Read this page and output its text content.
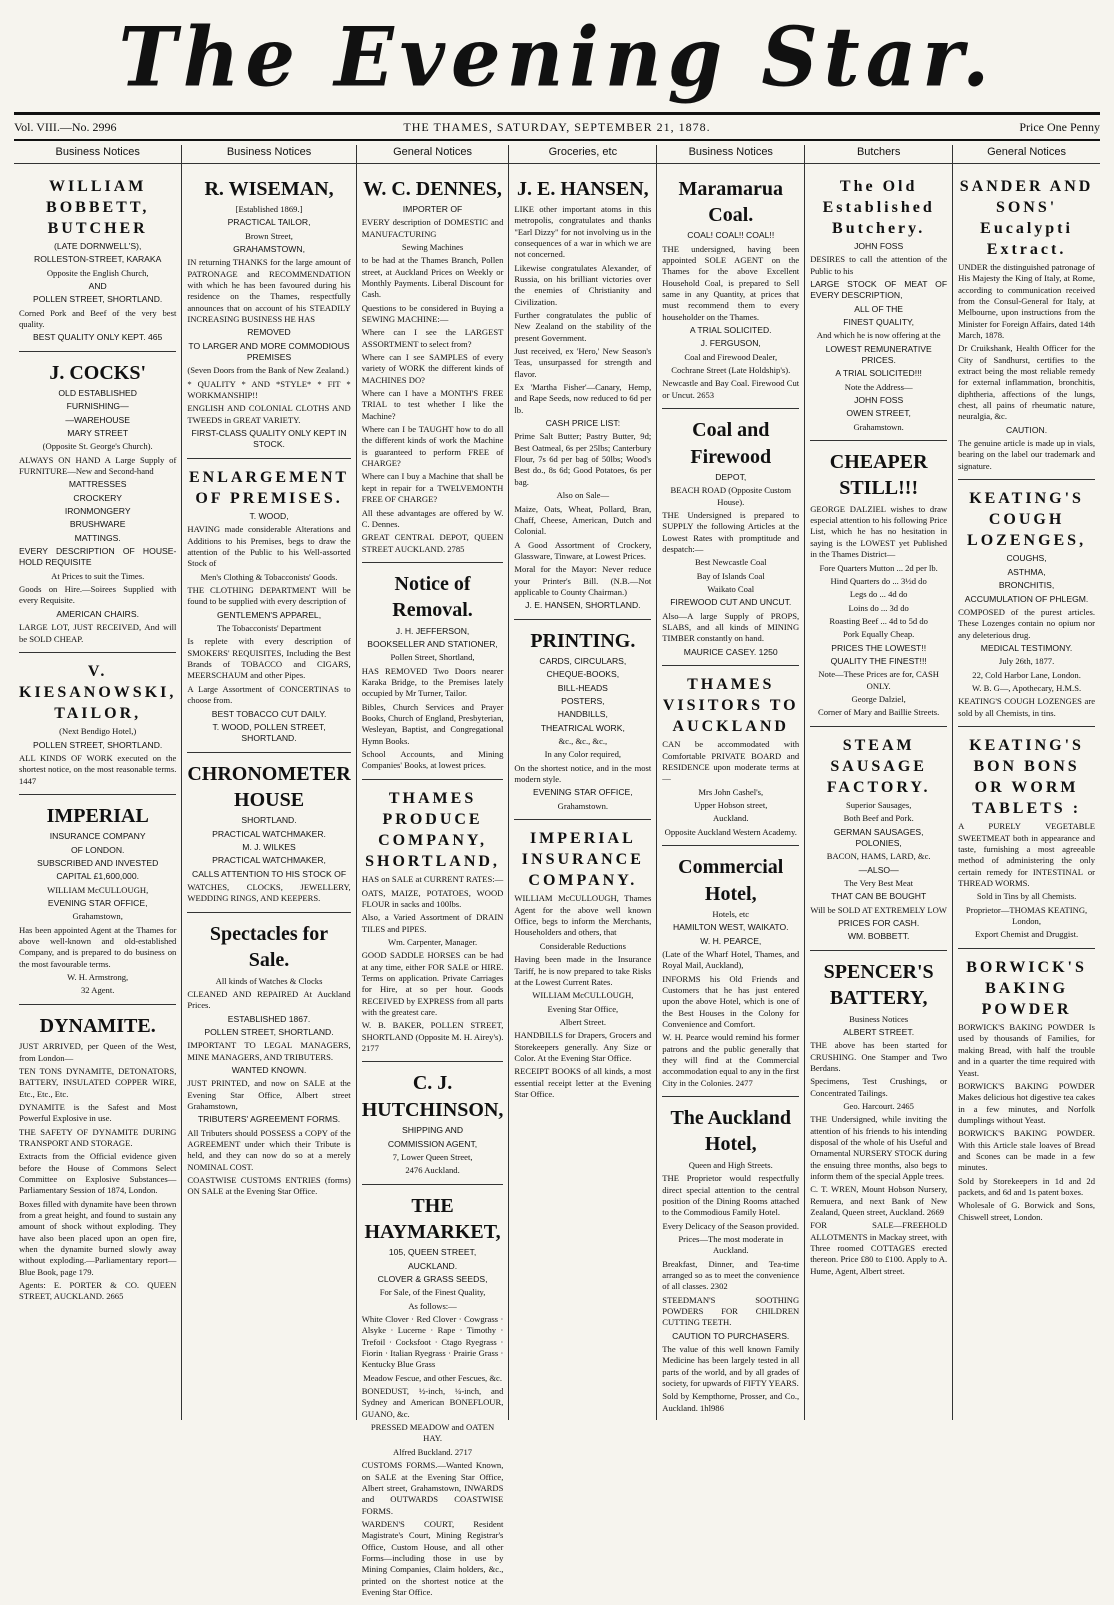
The Evening Star.
Vol. VIII.—No. 2996	THE THAMES, SATURDAY, SEPTEMBER 21, 1878.	Price One Penny
Business Notices
WILLIAM BOBBETT, BUTCHER

(LATE DORNWELL'S),

ROLLESTON-STREET, KARAKA

Opposite the English Church,

AND

POLLEN STREET, SHORTLAND.

Corned Pork and Beef of the very best quality.

BEST QUALITY ONLY KEPT. 465

J. COCKS'

OLD ESTABLISHED

FURNISHING—

—WAREHOUSE

MARY STREET

(Opposite St. George's Church).

ALWAYS ON HAND A Large Supply of FURNITURE—New and Second-hand

MATTRESSES

CROCKERY

IRONMONGERY

BRUSHWARE

MATTINGS.

EVERY DESCRIPTION OF HOUSE-HOLD REQUISITE

At Prices to suit the Times.

Goods on Hire.—Soirees Supplied with every Requisite.

AMERICAN CHAIRS.

LARGE LOT, JUST RECEIVED, And will be SOLD CHEAP.

V. KIESANOWSKI, TAILOR,

(Next Bendigo Hotel,)

POLLEN STREET, SHORTLAND.

ALL KINDS OF WORK executed on the shortest notice, on the most reasonable terms. 1447

IMPERIAL

INSURANCE COMPANY

OF LONDON.

SUBSCRIBED AND INVESTED

CAPITAL £1,600,000.

WILLIAM McCULLOUGH,

EVENING STAR OFFICE,

Grahamstown,

Has been appointed Agent at the Thames for above well-known and old-established Company, and is prepared to do business on the most favourable terms.

W. H. Armstrong,

32 Agent.

DYNAMITE.

JUST ARRIVED, per Queen of the West, from London—

TEN TONS DYNAMITE, DETONATORS, BATTERY, INSULATED COPPER WIRE, Etc., Etc., Etc.

DYNAMITE is the Safest and Most Powerful Explosive in use.

THE SAFETY OF DYNAMITE DURING TRANSPORT AND STORAGE.

Extracts from the Official evidence given before the House of Commons Select Committee on Explosive Substances—Parliamentary Session of 1874, London.

Boxes filled with dynamite have been thrown from a great height, and found to sustain any amount of shock without exploding. They have also been placed upon an open fire, when the dynamite burned slowly away without exploding.—Parliamentary report—Blue Book, page 179.

Agents: E. PORTER & CO. QUEEN STREET, AUCKLAND. 2665

Business Notices
R. WISEMAN,

[Established 1869.]

PRACTICAL TAILOR,

Brown Street,

GRAHAMSTOWN,

IN returning THANKS for the large amount of PATRONAGE and RECOMMENDATION with which he has been favoured during his residence on the Thames, respectfully announces that on account of his STEADILY INCREASING BUSINESS HE HAS

REMOVED

TO LARGER AND MORE COMMODIOUS PREMISES

(Seven Doors from the Bank of New Zealand.)

* QUALITY * AND *STYLE* * FIT * WORKMANSHIP!!

ENGLISH AND COLONIAL CLOTHS AND TWEEDS in GREAT VARIETY.

FIRST-CLASS QUALITY ONLY KEPT IN STOCK.

ENLARGEMENT OF PREMISES.

T. WOOD,

HAVING made considerable Alterations and Additions to his Premises, begs to draw the attention of the Public to his Well-assorted Stock of

Men's Clothing & Tobacconists' Goods.

THE CLOTHING DEPARTMENT Will be found to be supplied with every description of

GENTLEMEN'S APPAREL,

The Tobacconists' Department

Is replete with every description of SMOKERS' REQUISITES, Including the Best Brands of TOBACCO and CIGARS, MEERSCHAUM and other Pipes.

A Large Assortment of CONCERTINAS to choose from.

BEST TOBACCO CUT DAILY.

T. WOOD, POLLEN STREET, SHORTLAND.

CHRONOMETER HOUSE

SHORTLAND.

PRACTICAL WATCHMAKER.

M. J. WILKES

PRACTICAL WATCHMAKER,

CALLS ATTENTION TO HIS STOCK OF

WATCHES, CLOCKS, JEWELLERY, WEDDING RINGS, AND KEEPERS.

Spectacles for Sale.

All kinds of Watches & Clocks

CLEANED AND REPAIRED At Auckland Prices.

ESTABLISHED 1867.

POLLEN STREET, SHORTLAND.

IMPORTANT TO LEGAL MANAGERS, MINE MANAGERS, AND TRIBUTERS.

WANTED KNOWN.

JUST PRINTED, and now on SALE at the Evening Star Office, Albert street Grahamstown,

TRIBUTERS' AGREEMENT FORMS.

All Tributers should POSSESS a COPY of the AGREEMENT under which their Tribute is held, and they can now do so at a merely NOMINAL COST.

COASTWISE CUSTOMS ENTRIES (forms) ON SALE at the Evening Star Office.

General Notices
W. C. DENNES,

IMPORTER OF

EVERY description of DOMESTIC and MANUFACTURING

Sewing Machines

to be had at the Thames Branch, Pollen street, at Auckland Prices on Weekly or Monthly Payments. Liberal Discount for Cash.

Questions to be considered in Buying a SEWING MACHINE:—

Where can I see the LARGEST ASSORTMENT to select from?

Where can I see SAMPLES of every variety of WORK the different kinds of MACHINES DO?

Where can I have a MONTH'S FREE TRIAL to test whether I like the Machine?

Where can I be TAUGHT how to do all the different kinds of work the Machine is guaranteed to perform FREE of CHARGE?

Where can I buy a Machine that shall be kept in repair for a TWELVEMONTH FREE OF CHARGE?

All these advantages are offered by W. C. Dennes.

GREAT CENTRAL DEPOT, QUEEN STREET AUCKLAND. 2785

Notice of Removal.

J. H. JEFFERSON,

BOOKSELLER AND STATIONER,

Pollen Street, Shortland,

HAS REMOVED Two Doors nearer Karaka Bridge, to the Premises lately occupied by Mr Turner, Tailor.

Bibles, Church Services and Prayer Books, Church of England, Presbyterian, Wesleyan, Baptist, and Congregational Hymn Books.

School Accounts, and Mining Companies' Books, at lowest prices.

THAMES PRODUCE COMPANY, SHORTLAND,

HAS on SALE at CURRENT RATES:—

OATS, MAIZE, POTATOES, WOOD FLOUR in sacks and 100lbs.

Also, a Varied Assortment of DRAIN TILES and PIPES.

Wm. Carpenter, Manager.

GOOD SADDLE HORSES can be had at any time, either FOR SALE or HIRE. Terms on application. Private Carriages for Hire, at so per hour. Goods RECEIVED by EXPRESS from all parts with the greatest care.

W. B. BAKER, POLLEN STREET, SHORTLAND (Opposite M. H. Airey's). 2177

C. J. HUTCHINSON,

SHIPPING AND

COMMISSION AGENT,

7, Lower Queen Street,

2476 Auckland.

THE HAYMARKET,

105, QUEEN STREET,

AUCKLAND.

CLOVER & GRASS SEEDS,

For Sale, of the Finest Quality,

As follows:—

White Clover · Red Clover · Cowgrass · Alsyke · Lucerne · Rape · Timothy · Trefoil · Cocksfoot · Ctago Ryegrass · Fiorin · Italian Ryegrass · Prairie Grass · Kentucky Blue Grass

Meadow Fescue, and other Fescues, &c.

BONEDUST, ½-inch, ¼-inch, and Sydney and American BONEFLOUR, GUANO, &c.

PRESSED MEADOW and OATEN HAY.

Alfred Buckland. 2717

CUSTOMS FORMS.—Wanted Known, on SALE at the Evening Star Office, Albert street, Grahamstown, INWARDS and OUTWARDS COASTWISE FORMS.

WARDEN'S COURT, Resident Magistrate's Court, Mining Registrar's Office, Custom House, and all other Forms—including those in use by Mining Companies, Claim holders, &c., printed on the shortest notice at the Evening Star Office.

Groceries, etc
J. E. HANSEN,

LIKE other important atoms in this metropolis, congratulates and thanks "Earl Dizzy" for not involving us in the consequences of a war in which we are not concerned.

Likewise congratulates Alexander, of Russia, on his brilliant victories over the enemies of Christianity and Civilization.

Further congratulates the public of New Zealand on the stability of the present Government.

Just received, ex 'Hero,' New Season's Teas, unsurpassed for strength and flavor.

Ex 'Martha Fisher'—Canary, Hemp, and Rape Seeds, now reduced to 6d per lb.

CASH PRICE LIST:

Prime Salt Butter; Pastry Butter, 9d; Best Oatmeal, 6s per 25lbs; Canterbury Flour, 7s 6d per bag of 50lbs; Wood's Best do., 8s 6d; Good Potatoes, 6s per bag.

Also on Sale—

Maize, Oats, Wheat, Pollard, Bran, Chaff, Cheese, American, Dutch and Colonial.

A Good Assortment of Crockery, Glassware, Tinware, at Lowest Prices.

Moral for the Mayor: Never reduce your Printer's Bill. (N.B.—Not applicable to County Chairman.)

J. E. HANSEN, SHORTLAND.

PRINTING.

CARDS, CIRCULARS,

CHEQUE-BOOKS,

BILL-HEADS

POSTERS,

HANDBILLS,

THEATRICAL WORK,

&c., &c., &c.,

In any Color required,

On the shortest notice, and in the most modern style.

EVENING STAR OFFICE,

Grahamstown.

IMPERIAL INSURANCE COMPANY.

WILLIAM McCULLOUGH, Thames Agent for the above well known Office, begs to inform the Merchants, Householders and others, that

Considerable Reductions

Having been made in the Insurance Tariff, he is now prepared to take Risks at the Lowest Current Rates.

WILLIAM McCULLOUGH,

Evening Star Office,

Albert Street.

HANDBILLS for Drapers, Grocers and Storekeepers generally. Any Size or Color. At the Evening Star Office.

RECEIPT BOOKS of all kinds, a most essential receipt letter at the Evening Star Office.

Business Notices
Maramarua Coal.

COAL! COAL!! COAL!!

THE undersigned, having been appointed SOLE AGENT on the Thames for the above Excellent Household Coal, is prepared to Sell same in any Quantity, at prices that must recommend them to every householder on the Thames.

A TRIAL SOLICITED.

J. FERGUSON,

Coal and Firewood Dealer,

Cochrane Street (Late Holdship's).

Newcastle and Bay Coal. Firewood Cut or Uncut. 2653

Coal and Firewood

DEPOT,

BEACH ROAD (Opposite Custom House).

THE Undersigned is prepared to SUPPLY the following Articles at the Lowest Rates with promptitude and despatch:—

Best Newcastle Coal

Bay of Islands Coal

Waikato Coal

FIREWOOD CUT AND UNCUT.

Also—A large Supply of PROPS, SLABS, and all kinds of MINING TIMBER constantly on hand.

MAURICE CASEY. 1250

THAMES VISITORS TO AUCKLAND

CAN be accommodated with Comfortable PRIVATE BOARD and RESIDENCE upon moderate terms at—

Mrs John Cashel's,

Upper Hobson street,

Auckland.

Opposite Auckland Western Academy.

Commercial Hotel,

Hotels, etc

HAMILTON WEST, WAIKATO.

W. H. PEARCE,

(Late of the Wharf Hotel, Thames, and Royal Mail, Auckland),

INFORMS his Old Friends and Customers that he has just entered upon the above Hotel, which is one of the Best Houses in the Colony for Convenience and Comfort.

W. H. Pearce would remind his former patrons and the public generally that they will find at the Commercial accommodation equal to any in the first City in the Colonies. 2477

The Auckland Hotel,

Queen and High Streets.

THE Proprietor would respectfully direct special attention to the central position of the Dining Rooms attached to the Commodious Family Hotel.

Every Delicacy of the Season provided.

Prices—The most moderate in Auckland.

Breakfast, Dinner, and Tea-time arranged so as to meet the convenience of all classes. 2302

STEEDMAN'S SOOTHING POWDERS FOR CHILDREN CUTTING TEETH.

CAUTION TO PURCHASERS.

The value of this well known Family Medicine has been largely tested in all parts of the world, and by all grades of society, for upwards of FIFTY YEARS.

Sold by Kempthorne, Prosser, and Co., Auckland. 1hl986

Butchers
The Old Established Butchery.

JOHN FOSS

DESIRES to call the attention of the Public to his

LARGE STOCK OF MEAT OF EVERY DESCRIPTION,

ALL OF THE

FINEST QUALITY,

And which he is now offering at the

LOWEST REMUNERATIVE PRICES.

A TRIAL SOLICITED!!!

Note the Address—

JOHN FOSS

OWEN STREET,

Grahamstown.

CHEAPER STILL!!!

GEORGE DALZIEL wishes to draw especial attention to his following Price List, which he has no hesitation in saying is the LOWEST yet Published in the Thames District—

Fore Quarters Mutton ... 2d per lb.

Hind Quarters do ... 3½d do

Legs do ... 4d do

Loins do ... 3d do

Roasting Beef ... 4d to 5d do

Pork Equally Cheap.

PRICES THE LOWEST!!

QUALITY THE FINEST!!!

Note—These Prices are for, CASH ONLY.

George Dalziel,

Corner of Mary and Baillie Streets.

STEAM SAUSAGE FACTORY.

Superior Sausages,

Both Beef and Pork.

GERMAN SAUSAGES, POLONIES,

BACON, HAMS, LARD, &c.

—ALSO—

The Very Best Meat

THAT CAN BE BOUGHT

Will be SOLD AT EXTREMELY LOW

PRICES FOR CASH.

WM. BOBBETT.

SPENCER'S BATTERY,

Business Notices

ALBERT STREET.

THE above has been started for CRUSHING. One Stamper and Two Berdans.

Specimens, Test Crushings, or Concentrated Tailings.

Geo. Harcourt. 2465

THE Undersigned, while inviting the attention of his friends to his intending disposal of the whole of his Useful and Ornamental NURSERY STOCK during the ensuing three months, also begs to inform them of the special Apple trees.

C. T. WREN, Mount Hobson Nursery, Remuera, and next Bank of New Zealand, Queen street, Auckland. 2669

FOR SALE—FREEHOLD ALLOTMENTS in Mackay street, with Three roomed COTTAGES erected thereon. Price £80 to £100. Apply to A. Hume, Agent, Albert street.

General Notices
SANDER AND SONS' Eucalypti Extract.

UNDER the distinguished patronage of His Majesty the King of Italy, at Rome, according to communication received from the Consul-General for Italy, at Melbourne, upon instructions from the Minister for Foreign Affairs, dated 14th March, 1878.

Dr Cruikshank, Health Officer for the City of Sandhurst, certifies to the extract being the most reliable remedy for external inflammation, bronchitis, diphtheria, affections of the lungs, chest, all pains of rheumatic nature, neuralgia, &c.

CAUTION.

The genuine article is made up in vials, bearing on the label our trademark and signature.

KEATING'S COUGH LOZENGES,

COUGHS,

ASTHMA,

BRONCHITIS,

ACCUMULATION OF PHLEGM.

COMPOSED of the purest articles. These Lozenges contain no opium nor any deleterious drug.

MEDICAL TESTIMONY.

July 26th, 1877.

22, Cold Harbor Lane, London.

W. B. G—, Apothecary, H.M.S.

KEATING'S COUGH LOZENGES are sold by all Chemists, in tins.

KEATING'S BON BONS OR WORM TABLETS :

A PURELY VEGETABLE SWEETMEAT both in appearance and taste, furnishing a most agreeable method of administering the only certain remedy for INTESTINAL or THREAD WORMS.

Sold in Tins by all Chemists.

Proprietor—THOMAS KEATING, London,

Export Chemist and Druggist.

BORWICK'S BAKING POWDER

BORWICK'S BAKING POWDER Is used by thousands of Families, for making Bread, with half the trouble and in a quarter the time required with Yeast.

BORWICK'S BAKING POWDER Makes delicious hot digestive tea cakes in a few minutes, and Norfolk dumplings without Yeast.

BORWICK'S BAKING POWDER. With this Article stale loaves of Bread and Scones can be made in a few minutes.

Sold by Storekeepers in 1d and 2d packets, and 6d and 1s patent boxes.

Wholesale of G. Borwick and Sons, Chiswell street, London.
